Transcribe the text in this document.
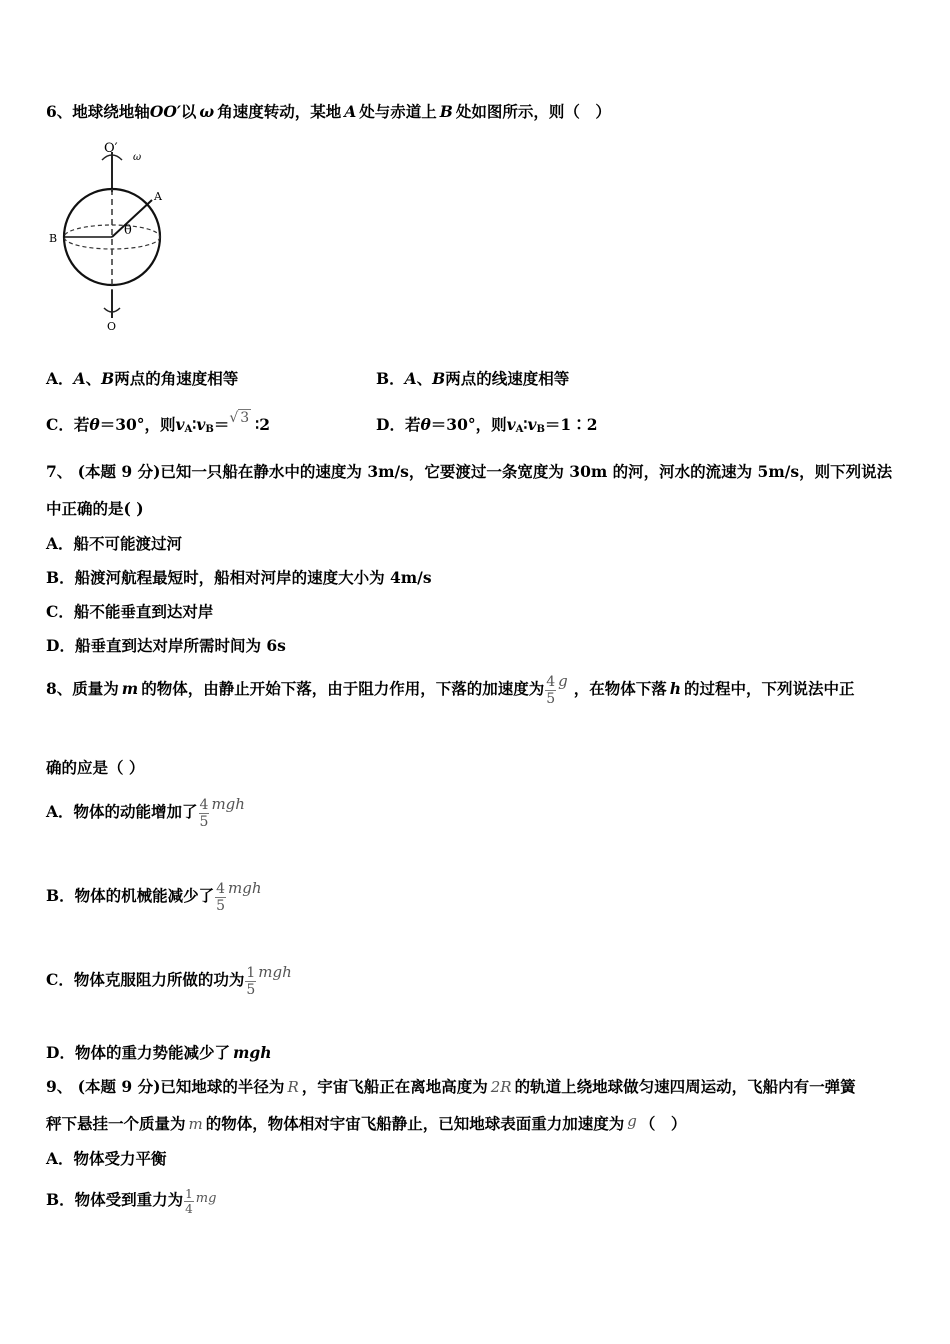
6、地球绕地轴OO′以 ω 角速度转动，某地 A 处与赤道上 B 处如图所示，则（　）
O′
ω
A
B
θ
O
A．A、B两点的角速度相等	B．A、B两点的线速度相等
C．若θ＝30°，则$v_A∶v_B=√$ 3 ∶2	D．若θ＝30°，则$v_A∶v_B=1∶2$
7、 (本题 9 分)已知一只船在静水中的速度为 3m/s，它要渡过一条宽度为 30m 的河，河水的流速为 5m/s，则下列说法
中正确的是( )
A．船不可能渡过河
B．船渡河航程最短时，船相对河岸的速度大小为 4m/s
C．船不能垂直到达对岸
D．船垂直到达对岸所需时间为 6s
8、质量为 m 的物体，由静止开始下落，由于阻力作用，下落的加速度为 $\frac{4}{5}$ g ，在物体下落 h 的过程中，下列说法中正
确的应是（ ）
A．物体的动能增加了 $\frac{4}{5}$ mgh
B．物体的机械能减少了 $\frac{4}{5}$ mgh
C．物体克服阻力所做的功为 $\frac{1}{5}$ mgh
D．物体的重力势能减少了 mgh
9、 (本题 9 分)已知地球的半径为 R ，宇宙飞船正在离地高度为 2R 的轨道上绕地球做匀速四周运动，飞船内有一弹簧
秤下悬挂一个质量为 m 的物体，物体相对宇宙飞船静止，已知地球表面重力加速度为 g （　）
A．物体受力平衡
B．物体受到重力为 $\frac{1}{4}$ mg
